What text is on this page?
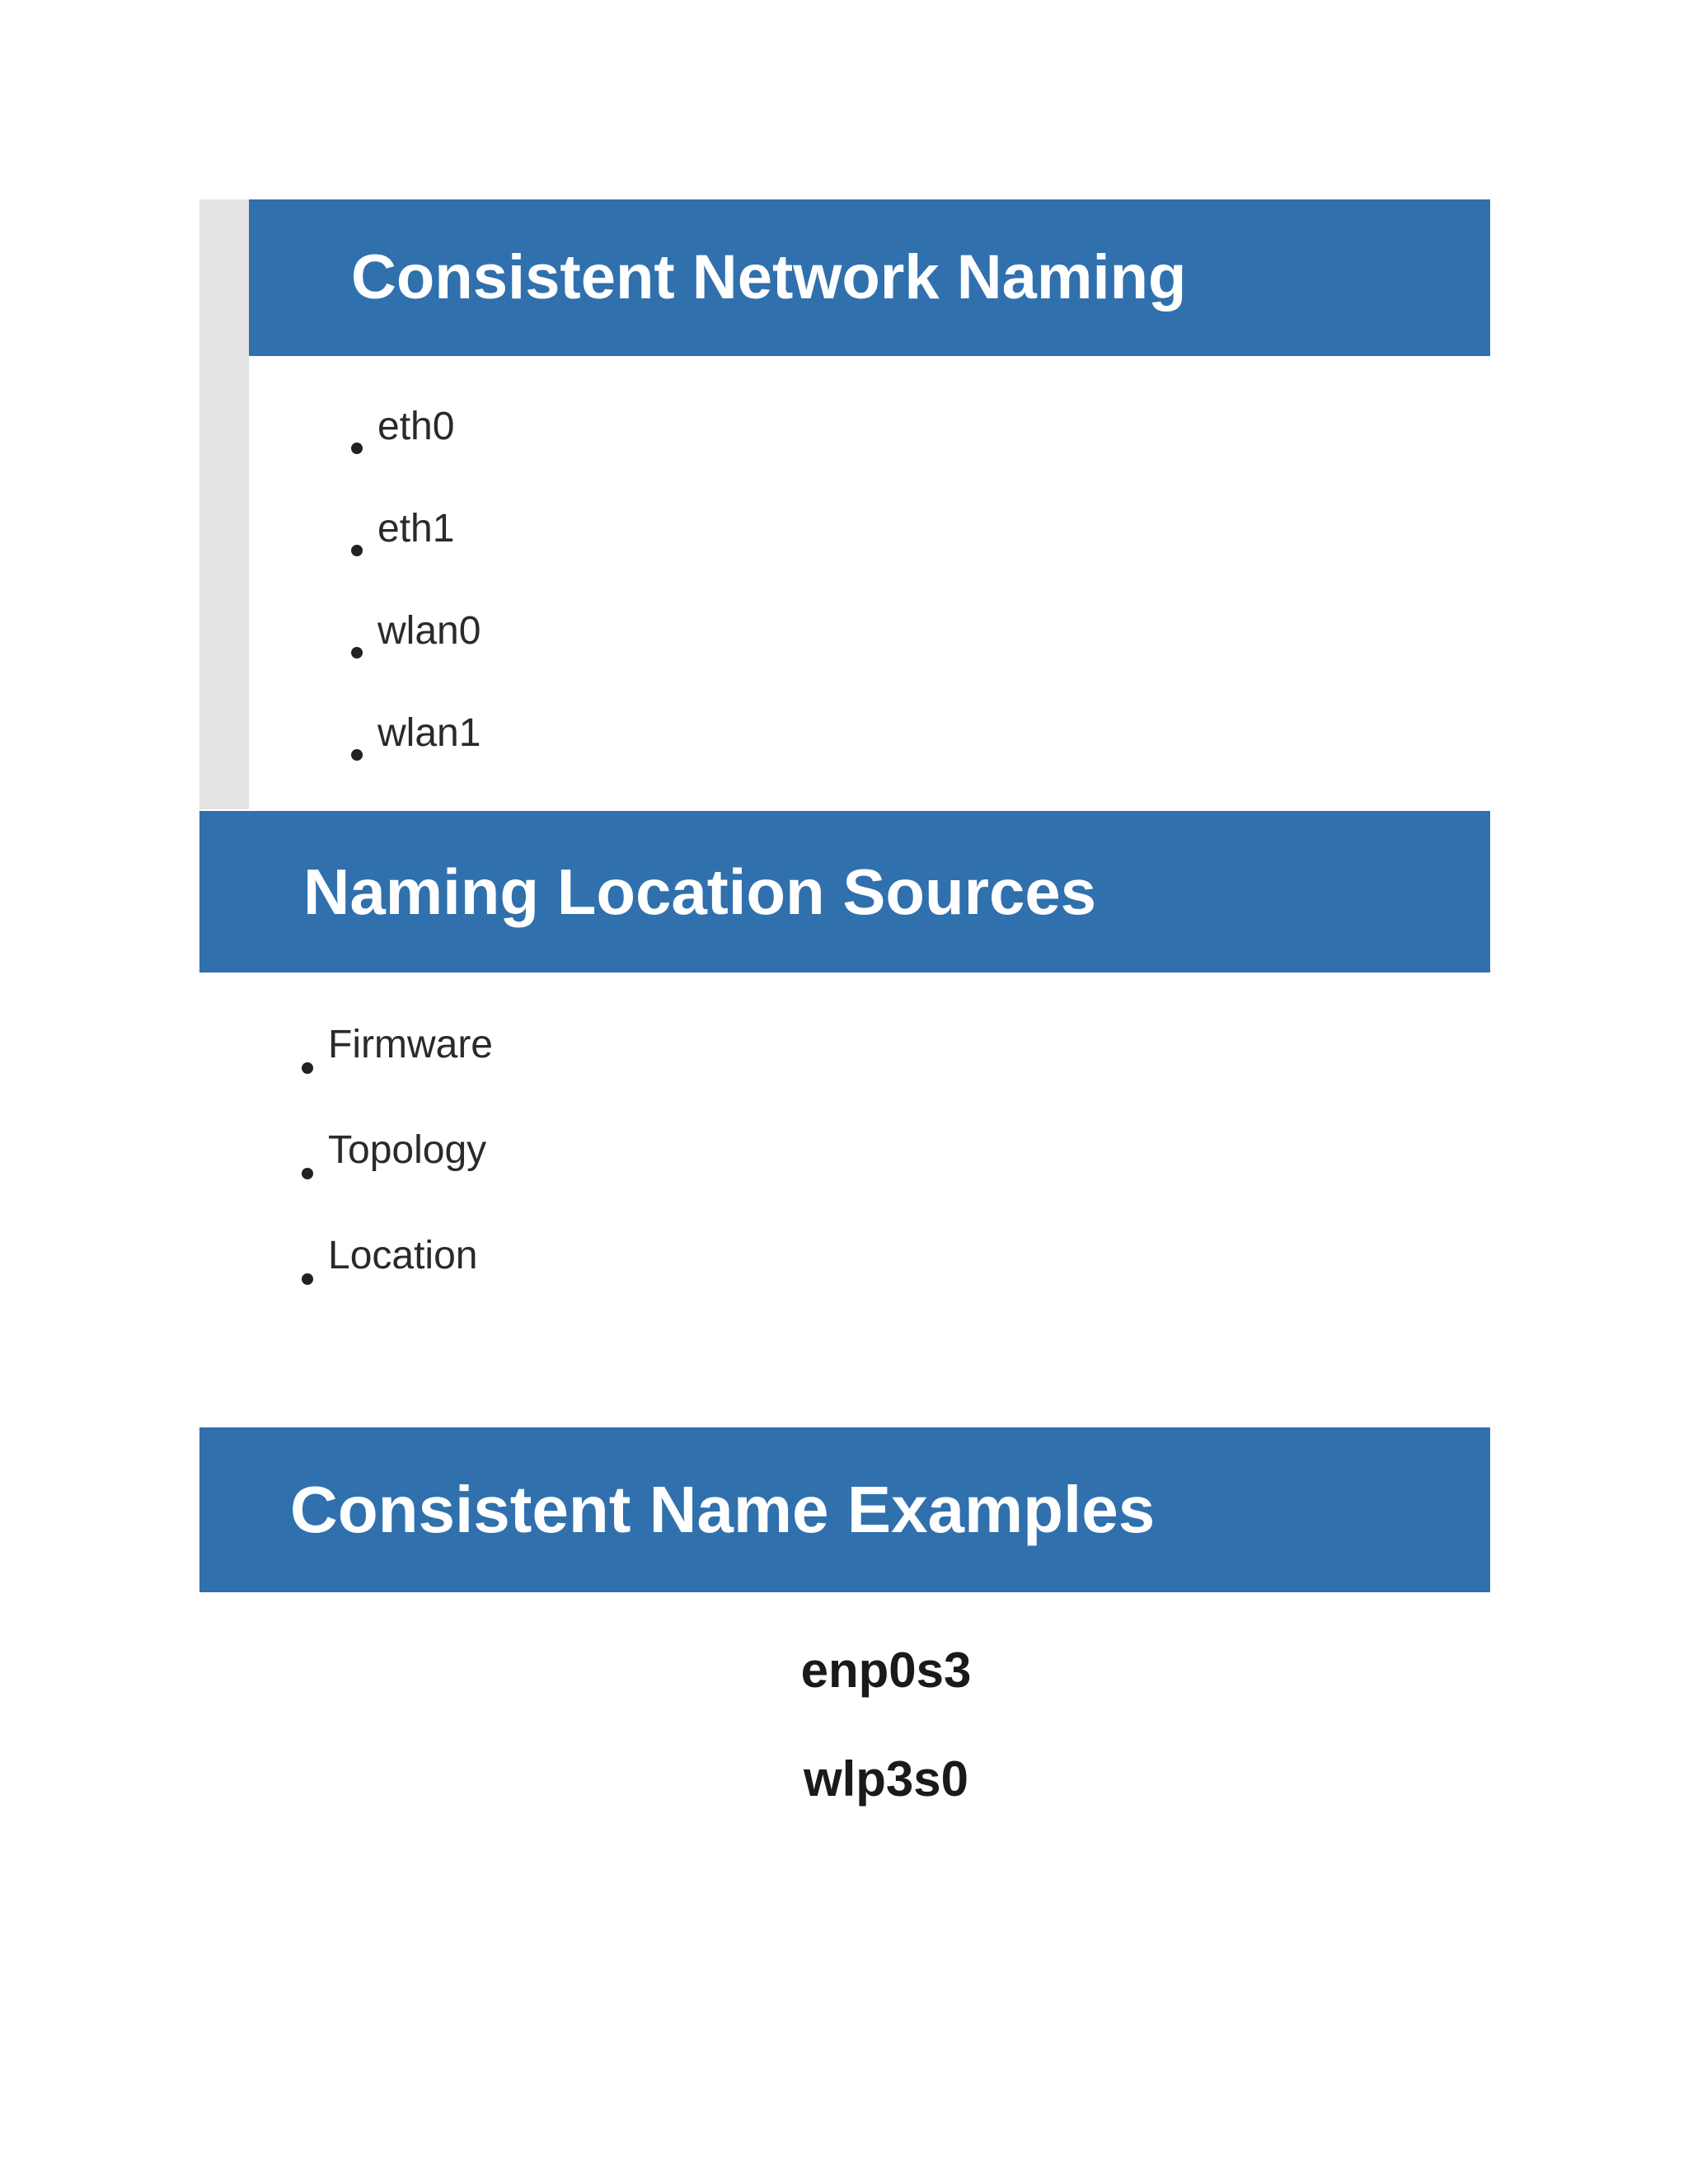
Consistent Network Naming
eth0
eth1
wlan0
wlan1
Naming Location Sources
Firmware
Topology
Location
Consistent Name Examples
enp0s3
wlp3s0
